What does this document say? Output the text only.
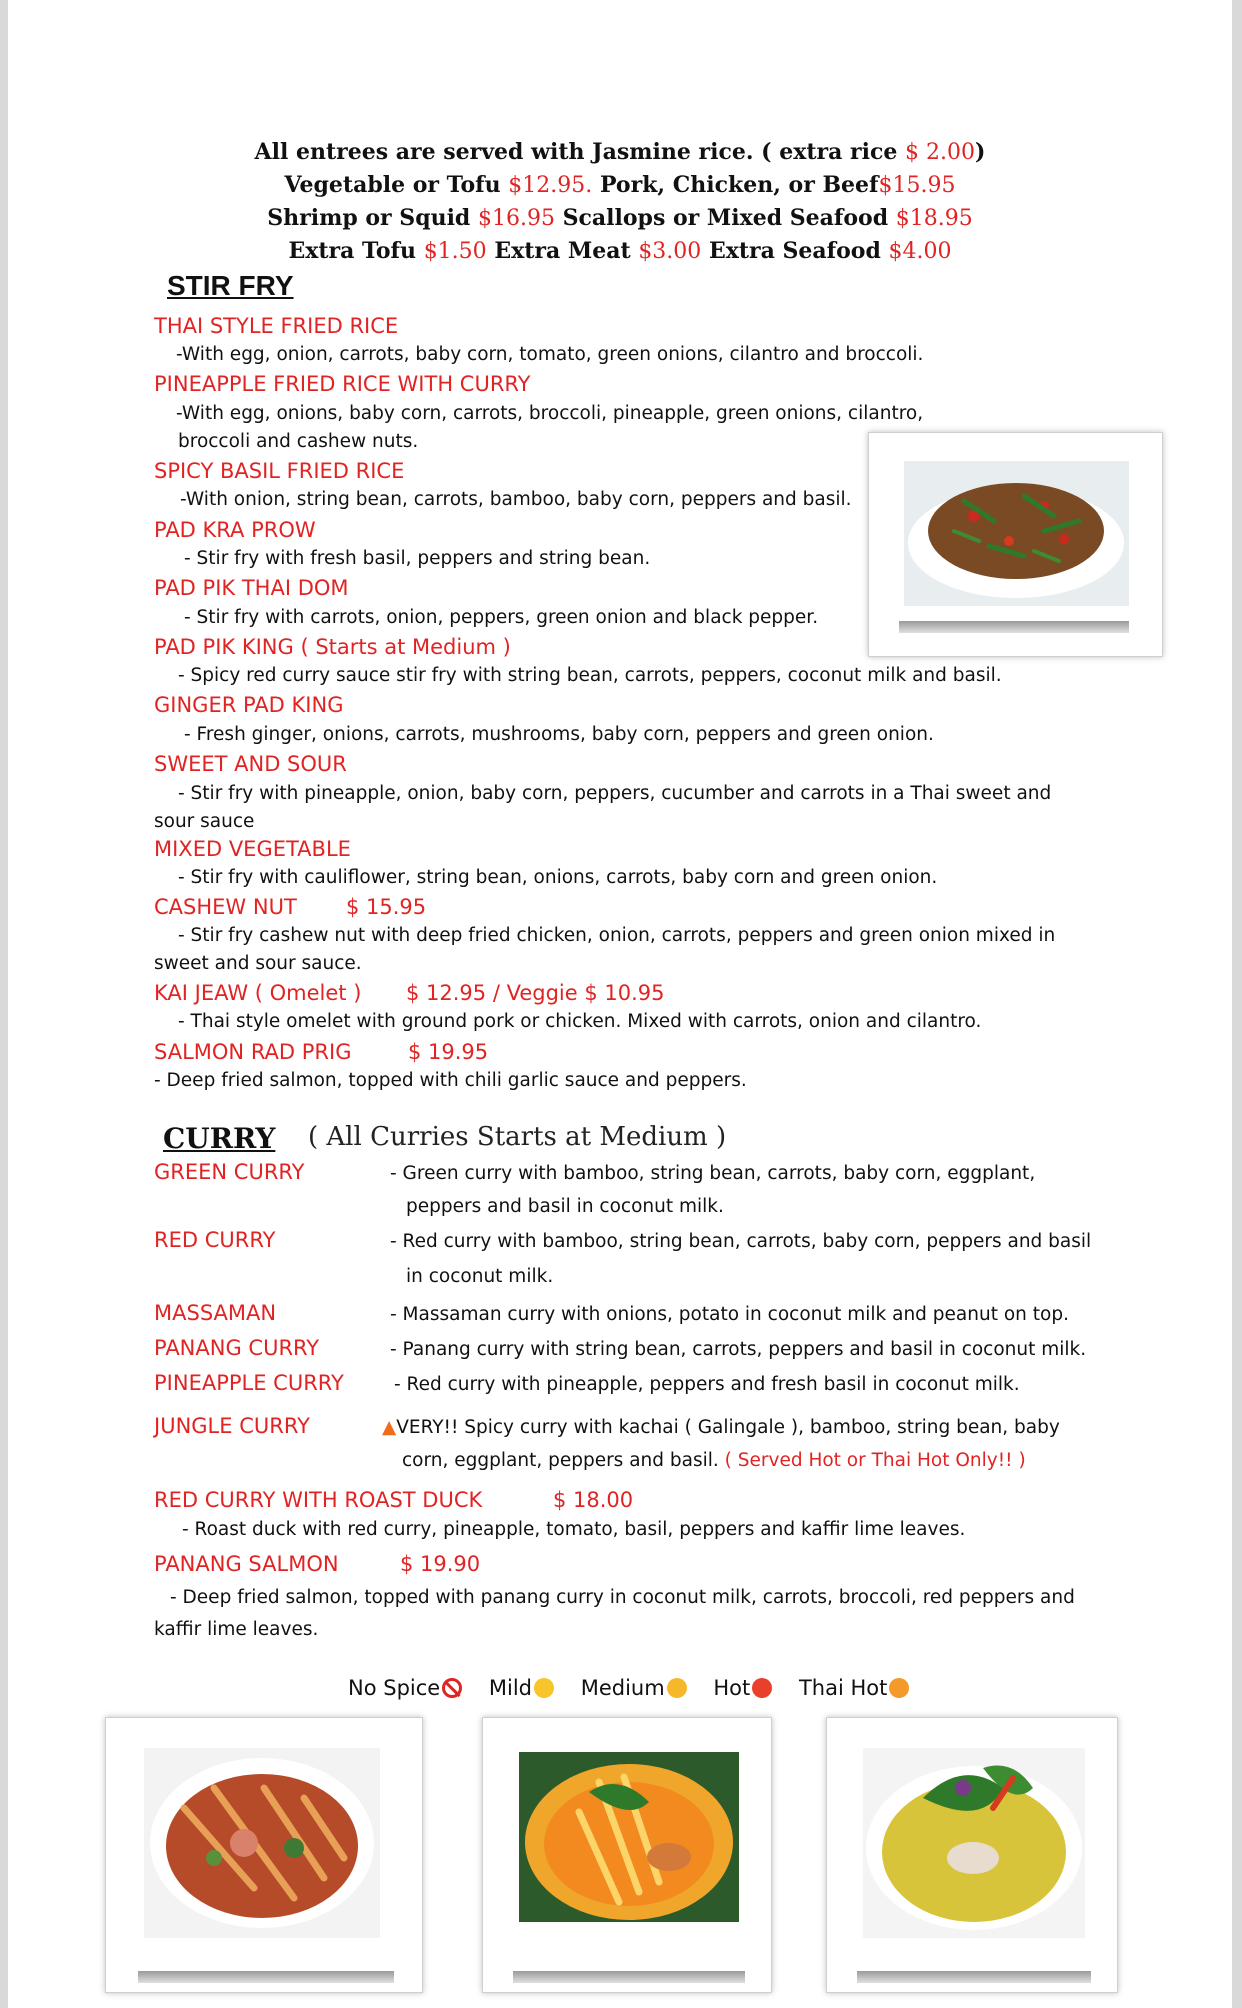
All entrees are served with Jasmine rice. ( extra rice $ 2.00)
Vegetable or Tofu $12.95. Pork, Chicken, or Beef$15.95
Shrimp or Squid $16.95 Scallops or Mixed Seafood $18.95
Extra Tofu $1.50 Extra Meat $3.00 Extra Seafood $4.00
STIR FRY
THAI STYLE FRIED RICE
-With egg, onion, carrots, baby corn, tomato, green onions, cilantro and broccoli.
PINEAPPLE FRIED RICE WITH CURRY
-With egg, onions, baby corn, carrots, broccoli, pineapple, green onions, cilantro,
broccoli and cashew nuts.
SPICY BASIL FRIED RICE
-With onion, string bean, carrots, bamboo, baby corn, peppers and basil.
PAD KRA PROW
- Stir fry with fresh basil, peppers and string bean.
PAD PIK THAI DOM
- Stir fry with carrots, onion, peppers, green onion and black pepper.
PAD PIK KING ( Starts at Medium )
- Spicy red curry sauce stir fry with string bean, carrots, peppers, coconut milk and basil.
GINGER PAD KING
- Fresh ginger, onions, carrots, mushrooms, baby corn, peppers and green onion.
SWEET AND SOUR
- Stir fry with pineapple, onion, baby corn, peppers, cucumber and carrots in a Thai sweet and
sour sauce
MIXED VEGETABLE
- Stir fry with cauliflower, string bean, onions, carrots, baby corn and green onion.
CASHEW NUT $ 15.95
- Stir fry cashew nut with deep fried chicken, onion, carrots, peppers and green onion mixed in
sweet and sour sauce.
KAI JEAW ( Omelet ) $ 12.95 / Veggie $ 10.95
- Thai style omelet with ground pork or chicken. Mixed with carrots, onion and cilantro.
SALMON RAD PRIG	$ 19.95
- Deep fried salmon, topped with chili garlic sauce and peppers.
CURRY ( All Curries Starts at Medium )
GREEN CURRY	- Green curry with bamboo, string bean, carrots, baby corn, eggplant,
peppers and basil in coconut milk.
RED CURRY	- Red curry with bamboo, string bean, carrots, baby corn, peppers and basil
in coconut milk.
MASSAMAN	- Massaman curry with onions, potato in coconut milk and peanut on top.
PANANG CURRY	- Panang curry with string bean, carrots, peppers and basil in coconut milk.
PINEAPPLE CURRY	- Red curry with pineapple, peppers and fresh basil in coconut milk.
JUNGLE CURRY	▲VERY!! Spicy curry with kachai ( Galingale ), bamboo, string bean, baby
corn, eggplant, peppers and basil. ( Served Hot or Thai Hot Only!! )
RED CURRY WITH ROAST DUCK	$ 18.00
- Roast duck with red curry, pineapple, tomato, basil, peppers and kaffir lime leaves.
PANANG SALMON	$ 19.90
- Deep fried salmon, topped with panang curry in coconut milk, carrots, broccoli, red peppers and
kaffir lime leaves.
No Spice Mild Medium Hot Thai Hot
